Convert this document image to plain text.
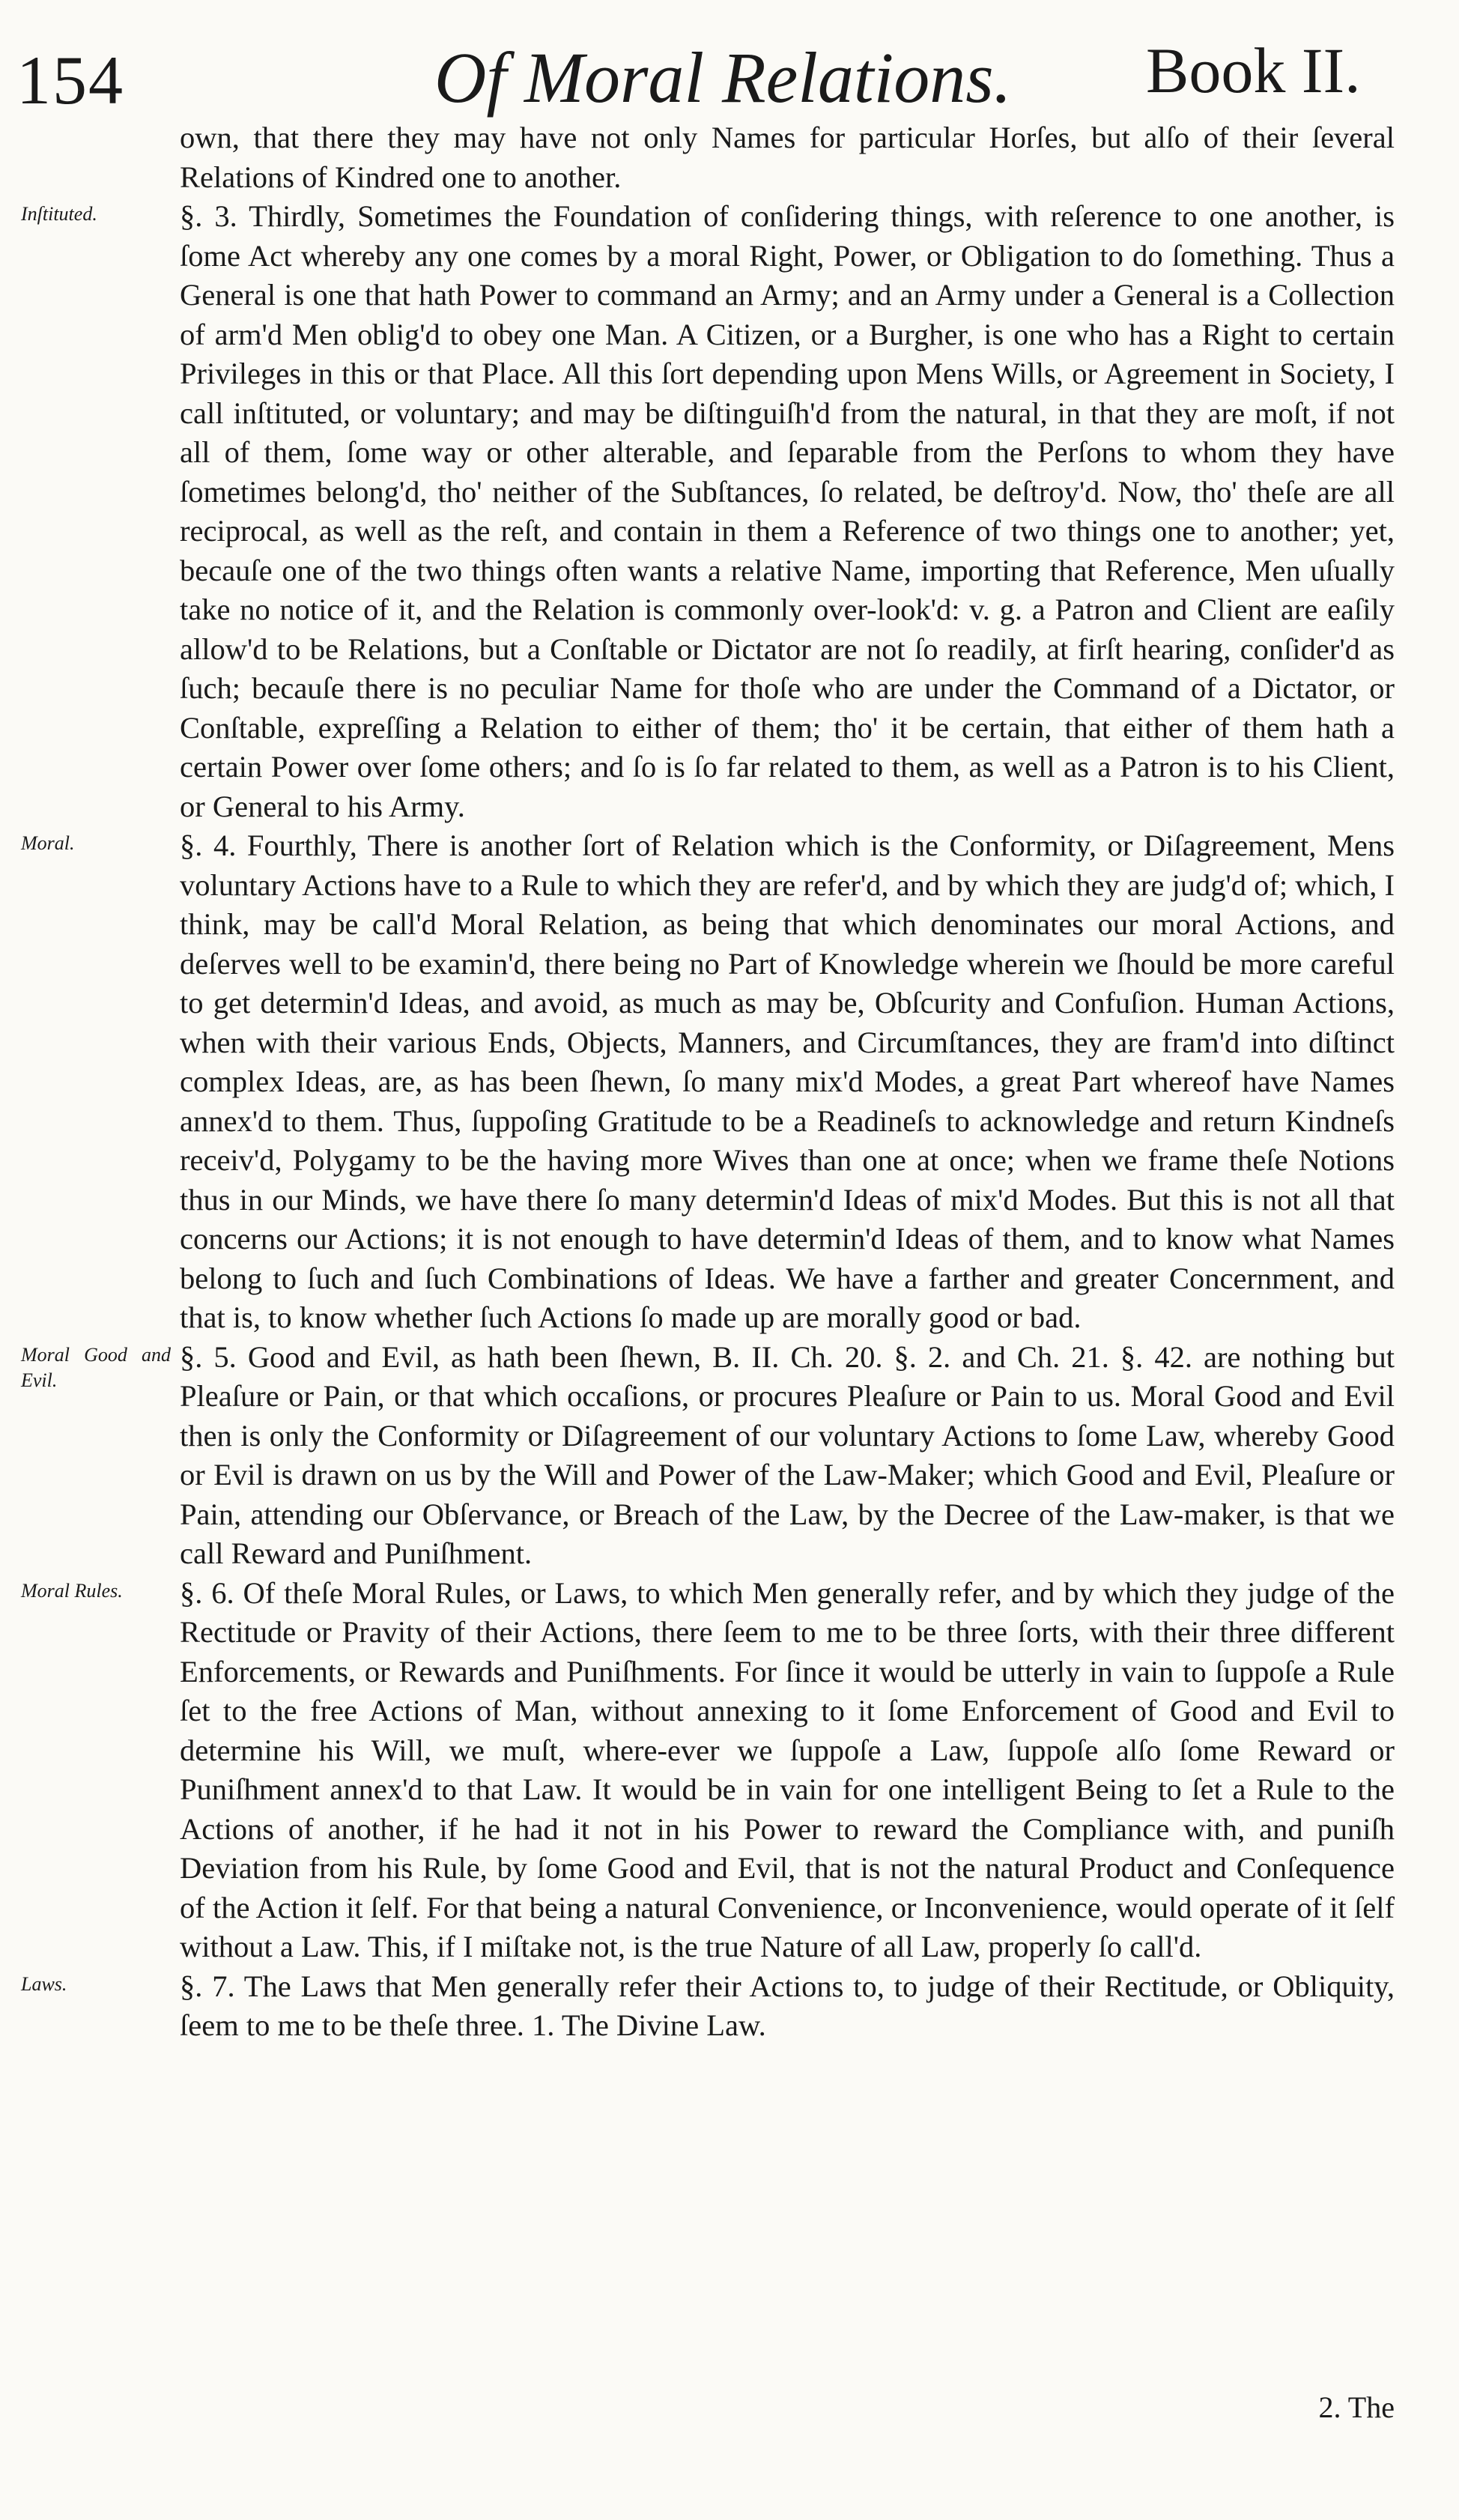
154	Of Moral Relations. Book II.

own, that there they may have not only Names for particular Horſes, but alſo of their ſeveral Relations of Kindred one to another.

Inſtituted.	§. 3. Thirdly, Sometimes the Foundation of conſidering things, with reſerence to one another, is ſome Act whereby any one comes by a moral Right, Power, or Obligation to do ſomething. Thus a General is one that hath Power to command an Army; and an Army under a General is a Collection of arm'd Men oblig'd to obey one Man. A Citizen, or a Burgher, is one who has a Right to certain Privileges in this or that Place. All this ſort depending upon Mens Wills, or Agreement in Society, I call inſtituted, or voluntary; and may be diſtinguiſh'd from the natural, in that they are moſt, if not all of them, ſome way or other alterable, and ſeparable from the Perſons to whom they have ſometimes belong'd, tho' neither of the Subſtances, ſo related, be deſtroy'd. Now, tho' theſe are all reciprocal, as well as the reſt, and contain in them a Reference of two things one to another; yet, becauſe one of the two things often wants a relative Name, importing that Reference, Men uſually take no notice of it, and the Relation is commonly over-look'd: v. g. a Patron and Client are eaſily allow'd to be Relations, but a Conſtable or Dictator are not ſo readily, at firſt hearing, conſider'd as ſuch; becauſe there is no peculiar Name for thoſe who are under the Command of a Dictator, or Conſtable, expreſſing a Relation to either of them; tho' it be certain, that either of them hath a certain Power over ſome others; and ſo is ſo far related to them, as well as a Patron is to his Client, or General to his Army.

Moral.	§. 4. Fourthly, There is another ſort of Relation which is the Conformity, or Diſagreement, Mens voluntary Actions have to a Rule to which they are refer'd, and by which they are judg'd of; which, I think, may be call'd Moral Relation, as being that which denominates our moral Actions, and deſerves well to be examin'd, there being no Part of Knowledge wherein we ſhould be more careful to get determin'd Ideas, and avoid, as much as may be, Obſcurity and Confuſion. Human Actions, when with their various Ends, Objects, Manners, and Circumſtances, they are fram'd into diſtinct complex Ideas, are, as has been ſhewn, ſo many mix'd Modes, a great Part whereof have Names annex'd to them. Thus, ſuppoſing Gratitude to be a Readineſs to acknowledge and return Kindneſs receiv'd, Polygamy to be the having more Wives than one at once; when we frame theſe Notions thus in our Minds, we have there ſo many determin'd Ideas of mix'd Modes. But this is not all that concerns our Actions; it is not enough to have determin'd Ideas of them, and to know what Names belong to ſuch and ſuch Combinations of Ideas. We have a farther and greater Concernment, and that is, to know whether ſuch Actions ſo made up are morally good or bad.

Moral Good and Evil.
§. 5. Good and Evil, as hath been ſhewn, B. II. Ch. 20. §. 2. and Ch. 21. §. 42. are nothing but Pleaſure or Pain, or that which occaſions, or procures Pleaſure or Pain to us. Moral Good and Evil then is only the Conformity or Diſagreement of our voluntary Actions to ſome Law, whereby Good or Evil is drawn on us by the Will and Power of the Law-Maker; which Good and Evil, Pleaſure or Pain, attending our Obſervance, or Breach of the Law, by the Decree of the Law-maker, is that we call Reward and Puniſhment.

Moral Rules.	§. 6. Of theſe Moral Rules, or Laws, to which Men generally refer, and by which they judge of the Rectitude or Pravity of their Actions, there ſeem to me to be three ſorts, with their three different Enforcements, or Rewards and Puniſhments. For ſince it would be utterly in vain to ſuppoſe a Rule ſet to the free Actions of Man, without annexing to it ſome Enforcement of Good and Evil to determine his Will, we muſt, where-ever we ſuppoſe a Law, ſuppoſe alſo ſome Reward or Puniſhment annex'd to that Law. It would be in vain for one intelligent Being to ſet a Rule to the Actions of another, if he had it not in his Power to reward the Compliance with, and puniſh Deviation from his Rule, by ſome Good and Evil, that is not the natural Product and Conſequence of the Action it ſelf. For that being a natural Convenience, or Inconvenience, would operate of it ſelf without a Law. This, if I miſtake not, is the true Nature of all Law, properly ſo call'd.

Laws.	§. 7. The Laws that Men generally refer their Actions to, to judge of their Rectitude, or Obliquity, ſeem to me to be theſe three. 1. The Divine Law.

2. The
